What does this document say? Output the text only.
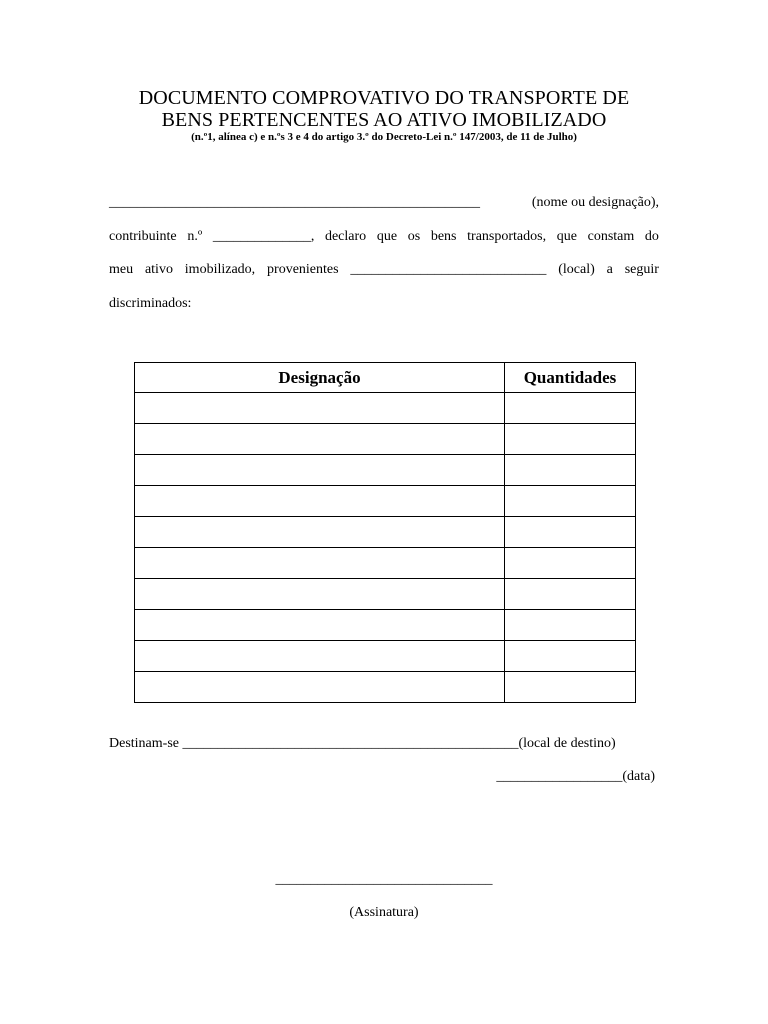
DOCUMENTO COMPROVATIVO DO TRANSPORTE DE
BENS PERTENCENTES AO ATIVO IMOBILIZADO
(n.º1, alínea c) e n.ºs 3 e 4 do artigo 3.º do Decreto-Lei n.º 147/2003, de 11 de Julho)
_____________________________________________________	(nome ou designação),
contribuinte n.º ______________, declaro que os bens transportados, que constam do
meu ativo imobilizado, provenientes ____________________________ (local) a seguir
discriminados:
Designação	Quantidades

Destinam-se ________________________________________________(local de destino)
__________________(data)
_______________________________
(Assinatura)
